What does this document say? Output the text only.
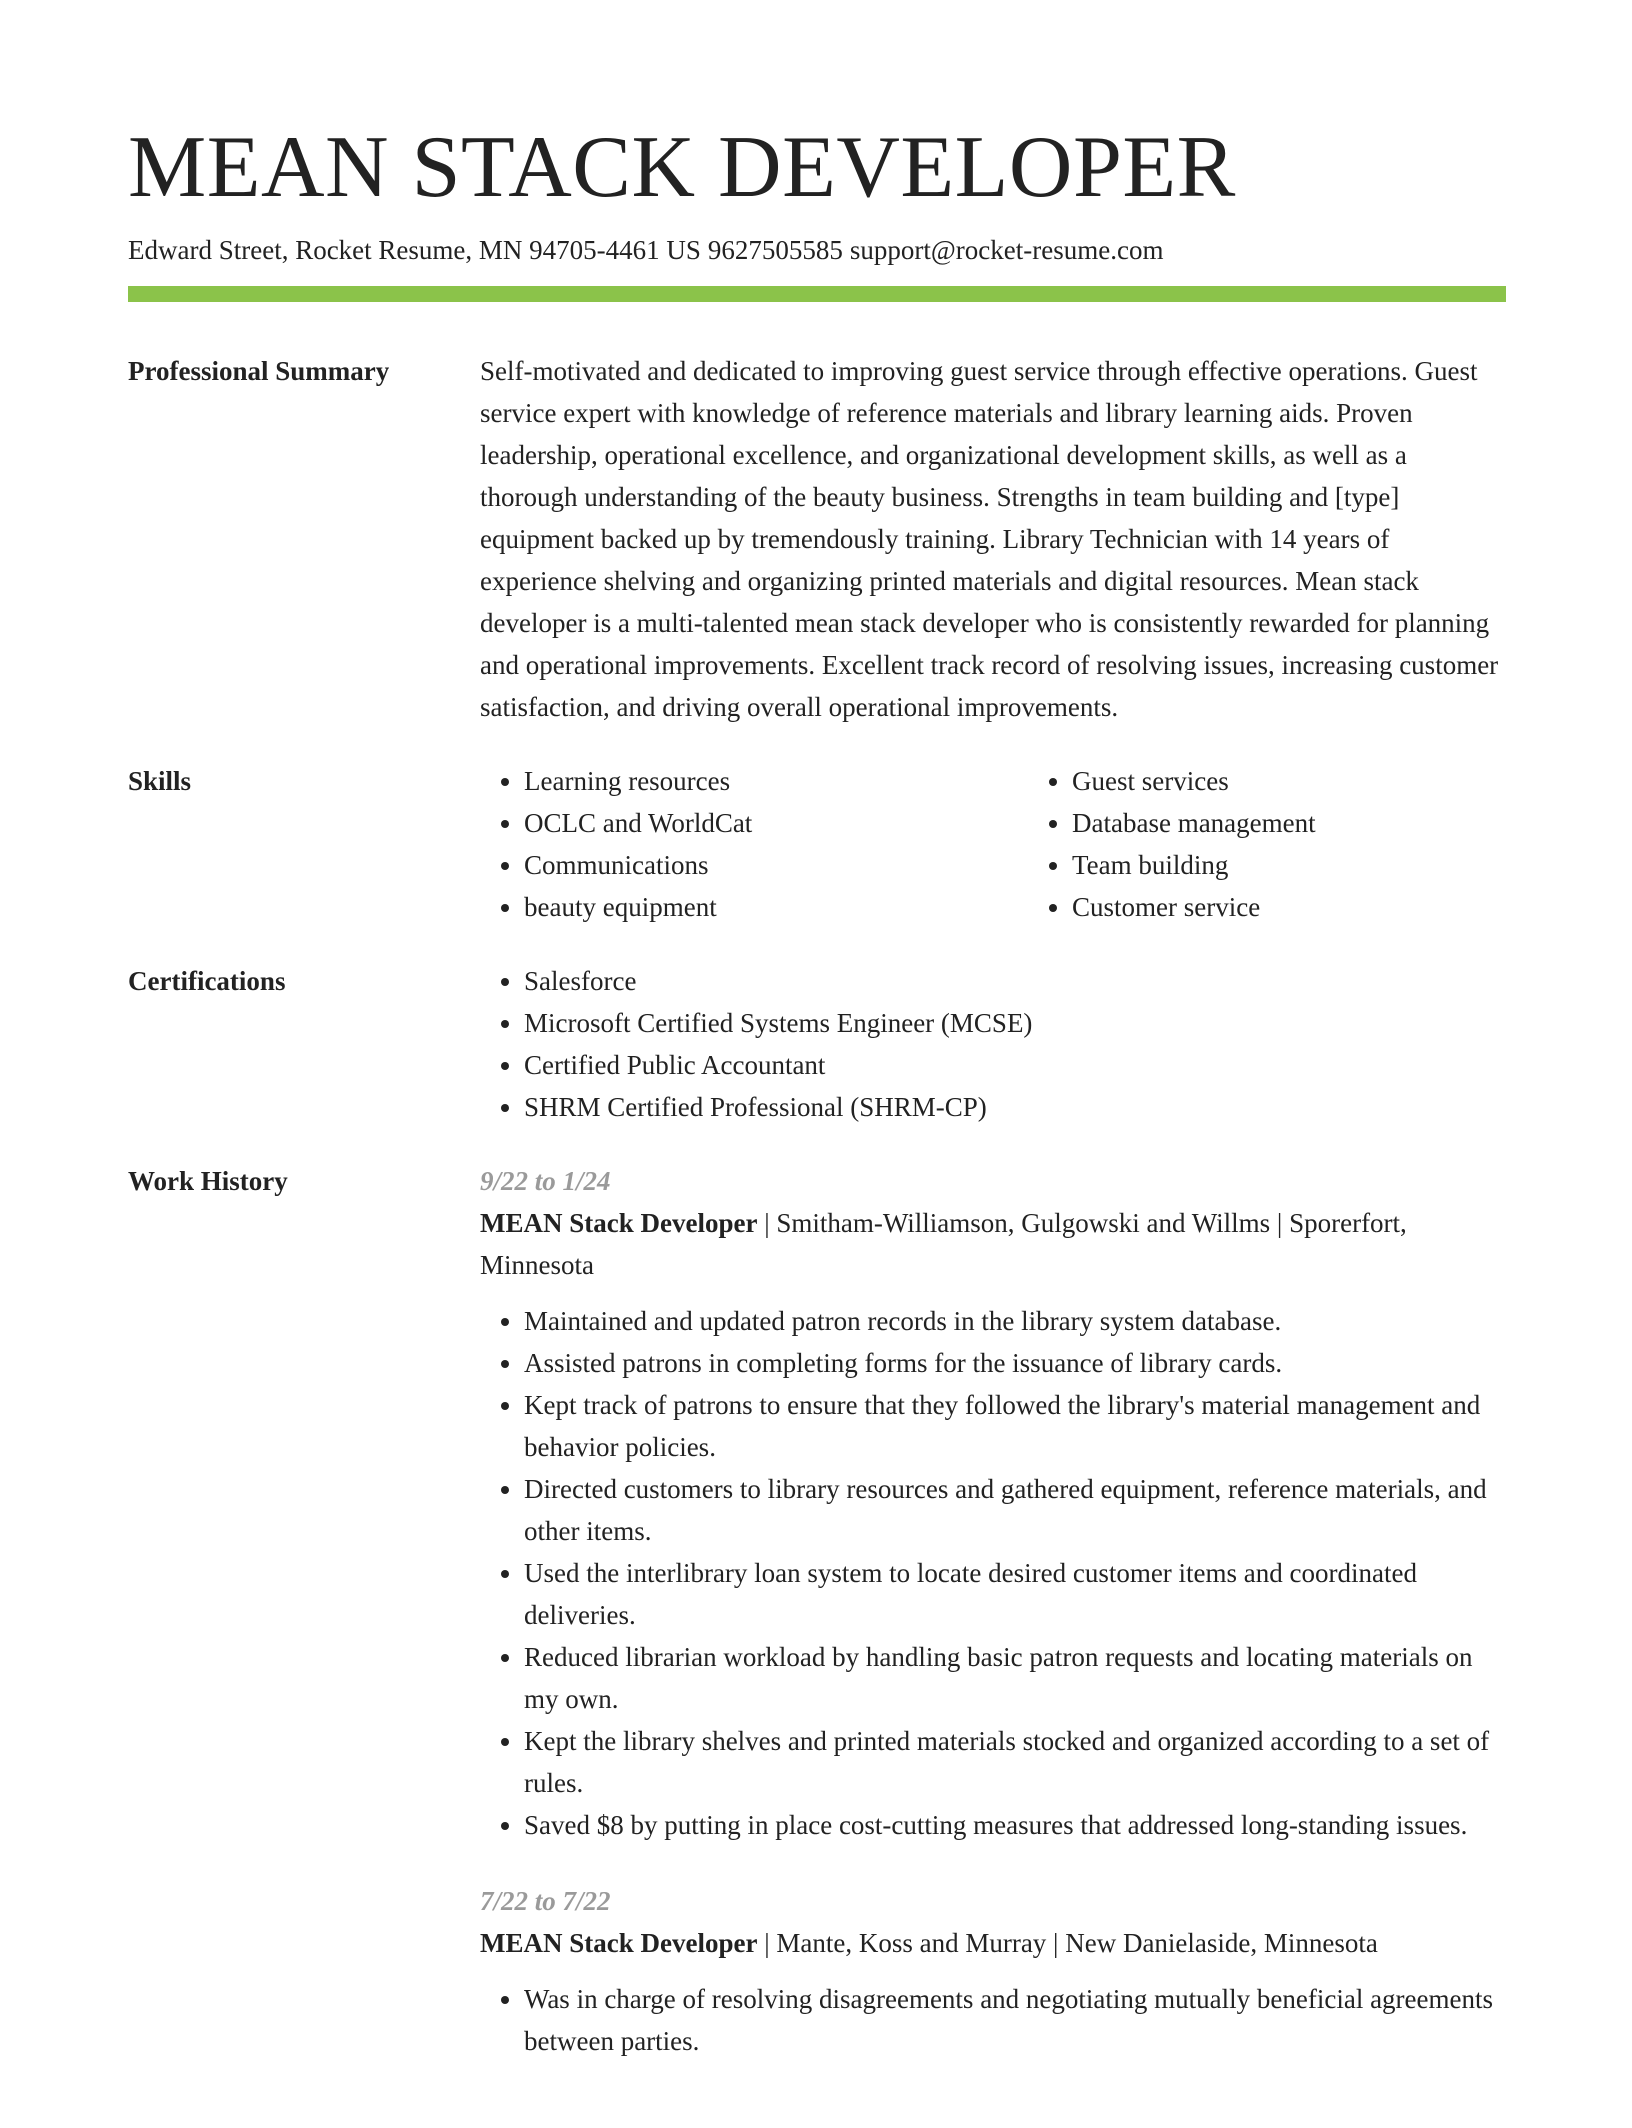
MEAN STACK DEVELOPER
Edward Street, Rocket Resume, MN 94705-4461 US 9627505585 support@rocket-resume.com
Professional Summary	Self-motivated and dedicated to improving guest service through effective operations. Guest service expert with knowledge of reference materials and library learning aids. Proven leadership, operational excellence, and organizational development skills, as well as a thorough understanding of the beauty business. Strengths in team building and [type] equipment backed up by tremendously training. Library Technician with 14 years of experience shelving and organizing printed materials and digital resources. Mean stack developer is a multi-talented mean stack developer who is consistently rewarded for planning and operational improvements. Excellent track record of resolving issues, increasing customer satisfaction, and driving overall operational improvements.

Skills	• Learning resources
• OCLC and WorldCat
• Communications
• beauty equipment
• Guest services
• Database management
• Team building
• Customer service
Certifications	• Salesforce
• Microsoft Certified Systems Engineer (MCSE)
• Certified Public Accountant
• SHRM Certified Professional (SHRM-CP)
Work History	9/22 to 1/24
MEAN Stack Developer | Smitham-Williamson, Gulgowski and Willms | Sporerfort, Minnesota
• Maintained and updated patron records in the library system database.
• Assisted patrons in completing forms for the issuance of library cards.
• Kept track of patrons to ensure that they followed the library's material management and behavior policies.
• Directed customers to library resources and gathered equipment, reference materials, and other items.
• Used the interlibrary loan system to locate desired customer items and coordinated deliveries.
• Reduced librarian workload by handling basic patron requests and locating materials on my own.
• Kept the library shelves and printed materials stocked and organized according to a set of rules.
• Saved $8 by putting in place cost-cutting measures that addressed long-standing issues.
7/22 to 7/22
MEAN Stack Developer | Mante, Koss and Murray | New Danielaside, Minnesota
• Was in charge of resolving disagreements and negotiating mutually beneficial agreements between parties.
